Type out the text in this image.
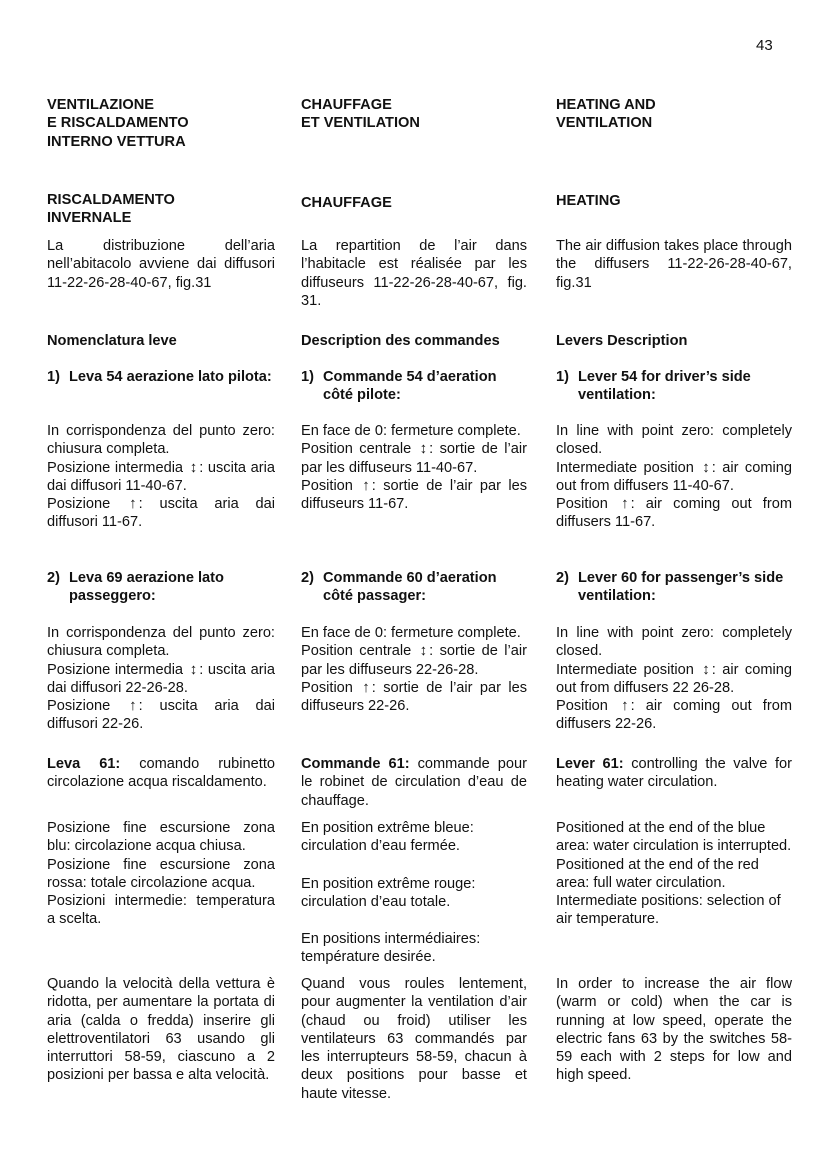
43
VENTILAZIONE
E RISCALDAMENTO
INTERNO VETTURA
RISCALDAMENTO
INVERNALE

La distribuzione dell’aria nell’abitacolo avviene dai diffusori 11-22-26-28-40-67, fig.31

Nomenclatura leve
1) Leva 54 aerazione lato pilota:

In corrispondenza del punto zero: chiusura completa.
Posizione intermedia ↕ : uscita aria dai diffusori 11-40-67.
Posizione ↑ : uscita aria dai diffusori 11-67.

2) Leva 69 aerazione lato passeggero:

In corrispondenza del punto zero: chiusura completa.
Posizione intermedia ↕ : uscita aria dai diffusori 22-26-28.
Posizione ↑ : uscita aria dai diffusori 22-26.

Leva 61: comando rubinetto circolazione acqua riscaldamento.

Posizione fine escursione zona blu: circolazione acqua chiusa.
Posizione fine escursione zona rossa: totale circolazione acqua.
Posizioni intermedie: temperatura a scelta.

Quando la velocità della vettura è ridotta, per aumentare la portata di aria (calda o fredda) inserire gli elettroventilatori 63 usando gli interruttori 58-59, ciascuno a 2 posizioni per bassa e alta velocità.

CHAUFFAGE
ET VENTILATION
CHAUFFAGE

La repartition de l’air dans l’habitacle est réalisée par les diffuseurs 11-22-26-28-40-67, fig. 31.

Description des commandes
1) Commande 54 d’aeration côté pilote:

En face de 0: fermeture complete.
Position centrale ↕ : sortie de l’air par les diffuseurs 11-40-67.
Position ↑ : sortie de l’air par les diffuseurs 11-67.

2) Commande 60 d’aeration côté passager:

En face de 0: fermeture complete.
Position centrale ↕ : sortie de l’air par les diffuseurs 22-26-28.
Position ↑ : sortie de l’air par les diffuseurs 22-26.

Commande 61: commande pour le robinet de circulation d’eau de chauffage.

En position extrême bleue: circulation d’eau fermée.
En position extrême rouge: circulation d’eau totale.
En positions intermédiaires: température desirée.

Quand vous roules lentement, pour augmenter la ventilation d’air (chaud ou froid) utiliser les ventilateurs 63 commandés par les interrupteurs 58-59, chacun à deux positions pour basse et haute vitesse.

HEATING AND
VENTILATION
HEATING

The air diffusion takes place through the diffusers 11-22-26-28-40-67, fig.31

Levers Description
1) Lever 54 for driver’s side ventilation:

In line with point zero: completely closed.
Intermediate position ↕ : air coming out from diffusers 11-40-67.
Position ↑ : air coming out from diffusers 11-67.

2) Lever 60 for passenger’s side ventilation:

In line with point zero: completely closed.
Intermediate position ↕ : air coming out from diffusers 22 26-28.
Position ↑ : air coming out from diffusers 22-26.

Lever 61: controlling the valve for heating water circulation.

Positioned at the end of the blue area: water circulation is interrupted.
Positioned at the end of the red area: full water circulation.
Intermediate positions: selection of air temperature.

In order to increase the air flow (warm or cold) when the car is running at low speed, operate the electric fans 63 by the switches 58-59 each with 2 steps for low and high speed.
